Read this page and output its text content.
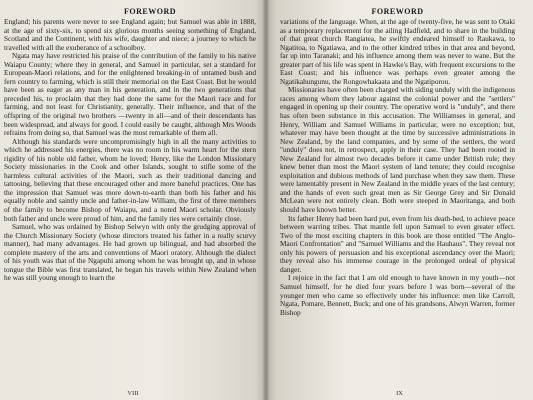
FOREWORD

England; his parents were never to see England again; but Samuel was able in 1888, at the age of sixty-six, to spend six glorious months seeing something of England, Scotland and the Continent, with his wife, daughter and niece; a journey to which he travelled with all the exuberance of a schoolboy.

Ngata may have restricted his praise of the contribution of the family to his native Waiapu County; where they in general, and Samuel in particular, set a standard for European-Maori relations, and for the enlightened breaking-in of untamed bush and fern country to farming, which is still their memorial on the East Coast. But he would have been as eager as any man in his generation, and in the two generations that preceded his, to proclaim that they had done the same for the Maori race and for farming, and not least for Christianity, generally. Their influence, and that of the offspring of the original two brothers —twenty in all—and of their descendants has been widespread, and always for good. I could easily be caught, although Mrs Woods refrains from doing so, that Samuel was the most remarkable of them all.

Although his standards were uncompromisingly high in all the many activities to which he addressed his energies, there was no room in his warm heart for the stern rigidity of his noble old father, whom he loved; Henry, like the London Missionary Society missionaries in the Cook and other Islands, sought to stifle some of the harmless cultural activities of the Maori, such as their traditional dancing and tattooing, believing that these encouraged other and more baneful practices. One has the impression that Samuel was more down-to-earth than both his father and his equally noble and saintly uncle and father-in-law William, the first of three members of the family to become Bishop of Waiapu, and a noted Maori scholar. Obviously both father and uncle were proud of him, and the family ties were certainly close.

Samuel, who was ordained by Bishop Selwyn with only the grudging approval of the Church Missionary Society (whose directors treated his father in a really scurvy manner), had many advantages. He had grown up bilingual, and had absorbed the complete mastery of the arts and conventions of Maori oratory. Although the dialect of his youth was that of the Ngapuhi among whom he was brought up, and in whose tongue the Bible was first translated, he began his travels within New Zealand when he was still young enough to learn the

VIII
FOREWORD

variations of the language. When, at the age of twenty-five, he was sent to Otaki as a temporary replacement for the ailing Hadfield, and to share in the building of that great church Rangiatea, he swiftly endeared himself to Raukawa, to Ngatitoa, to Ngatiawa, and to the other kindred tribes in that area and beyond, far up into Taranaki; and his influence among them was never to wane. But the greater part of his life was spent in Hawke's Bay, with frequent excursions to the East Coast; and his influence was perhaps even greater among the Ngatikahungunu, the Rongowhakaata and the Ngatiporou.

Missionaries have often been charged with siding unduly with the indigenous races among whom they labour against the colonial power and the "settlers" engaged in opening up their country. The operative word is "unduly", and there has often been substance in this accusation. The Williamses in general, and Henry, William and Samuel Williams in particular, were no exception; but, whatever may have been thought at the time by successive administrations in New Zealand, by the land companies, and by some of the settlers, the word "unduly" does not, in retrospect, apply in their case. They had been rooted in New Zealand for almost two decades before it came under British rule; they knew better than most the Maori system of land tenure; they could recognise exploitation and dubious methods of land purchase when they saw them. These were lamentably present in New Zealand in the middle years of the last century; and the hands of even such great men as Sir George Grey and Sir Donald McLean were not entirely clean. Both were steeped in Maoritanga, and both should have known better.

Its father Henry had been hard put, even from his death-bed, to achieve peace between warring tribes. That mantle fell upon Samuel to even greater effect. Two of the most exciting chapters in this book are those entitled "The Anglo-Maori Confrontation" and "Samuel Williams and the Hauhaus". They reveal not only his powers of persuasion and his exceptional ascendancy over the Maori; they reveal also his immense courage in the prolonged ordeal of physical danger.

I rejoice in the fact that I am old enough to have known in my youth—not Samuel himself, for he died four years before I was born—several of the younger men who came so effectively under his influence: men like Carroll, Ngata, Pomare, Bennett, Buck; and one of his grandsons, Alwyn Warren, former Bishop

IX
